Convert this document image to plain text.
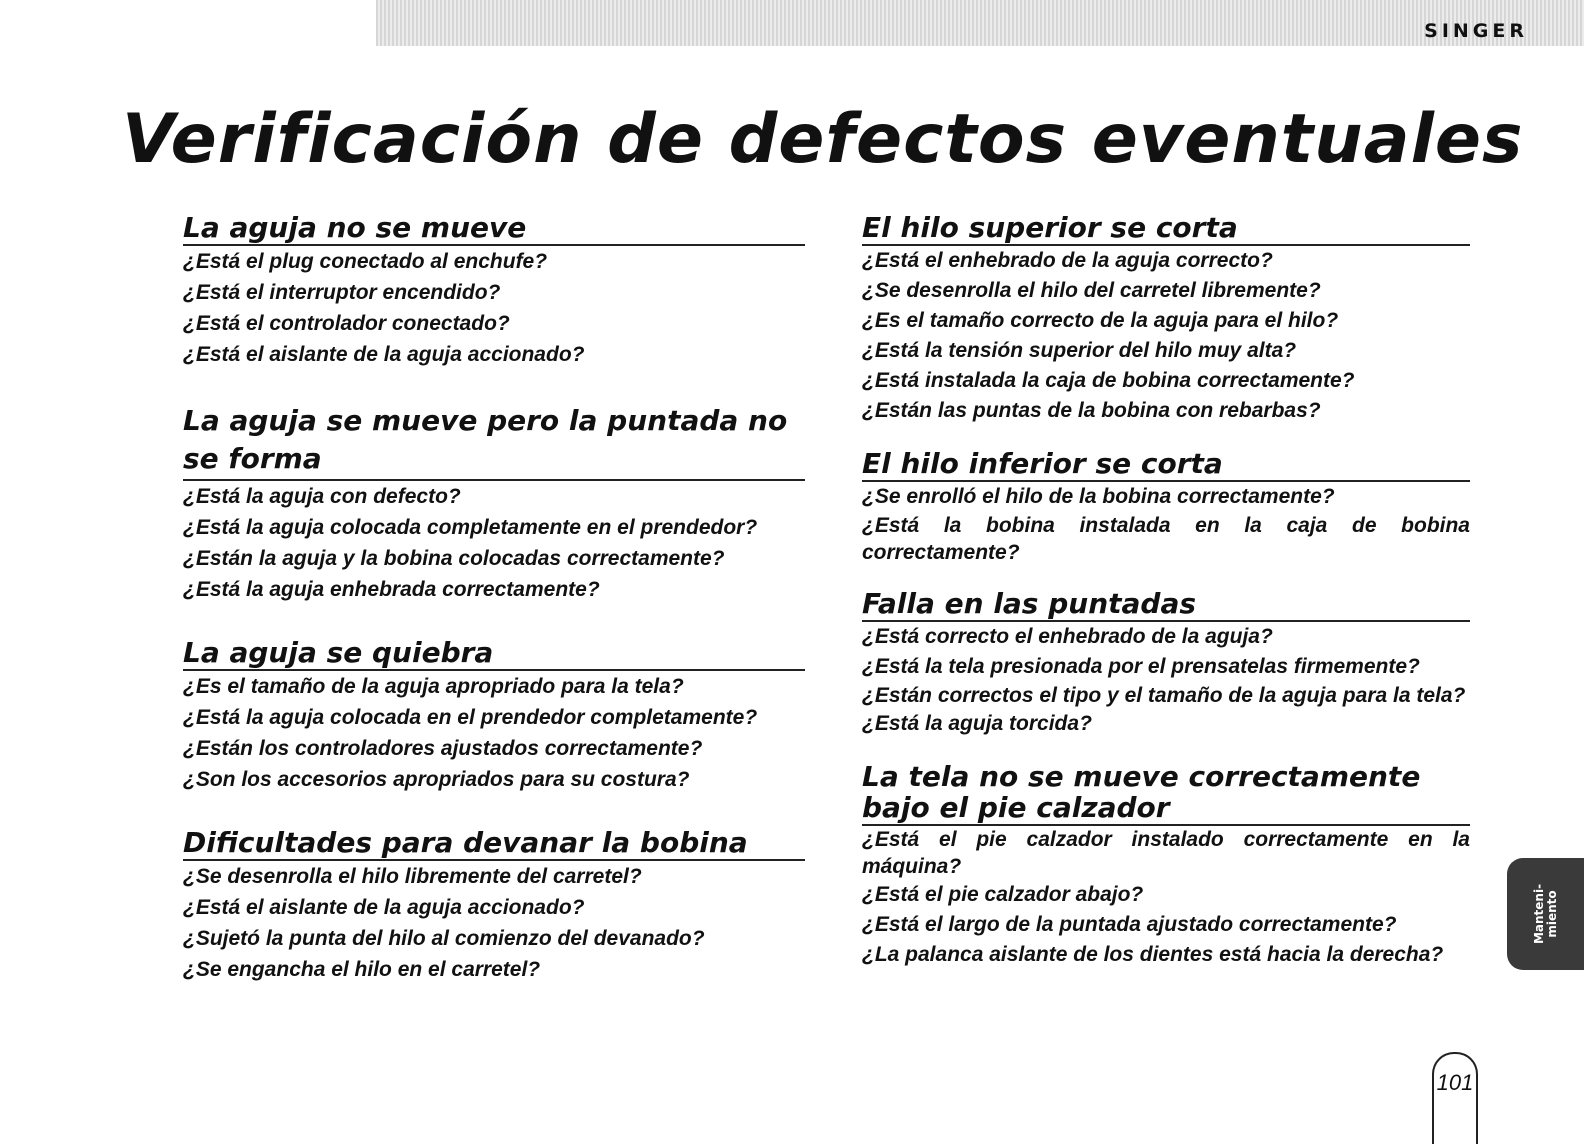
SINGER
Verificación de defectos eventuales
La aguja no se mueve
¿Está el plug conectado al enchufe?
¿Está el interruptor encendido?
¿Está el controlador conectado?
¿Está el aislante de la aguja accionado?
La aguja se mueve pero la puntada no se forma
¿Está la aguja con defecto?
¿Está la aguja colocada completamente en el prendedor?
¿Están la aguja y la bobina colocadas correctamente?
¿Está la aguja enhebrada correctamente?
La aguja se quiebra
¿Es el tamaño de la aguja apropriado para la tela?
¿Está la aguja colocada en el prendedor completamente?
¿Están los controladores ajustados correctamente?
¿Son los accesorios apropriados para su costura?
Dificultades para devanar la bobina
¿Se desenrolla el hilo libremente del carretel?
¿Está el aislante de la aguja accionado?
¿Sujetó la punta del hilo al comienzo del devanado?
¿Se engancha el hilo en el carretel?
El hilo superior se corta
¿Está el enhebrado de la aguja correcto?
¿Se desenrolla el hilo del carretel libremente?
¿Es el tamaño correcto de la aguja para el hilo?
¿Está la tensión superior del hilo muy alta?
¿Está instalada la caja de bobina correctamente?
¿Están las puntas de la bobina con rebarbas?
El hilo inferior se corta
¿Se enrolló el hilo de la bobina correctamente?
¿Está la bobina instalada en la caja de bobina correctamente?
Falla en las puntadas
¿Está correcto el enhebrado de la aguja?
¿Está la tela presionada por el prensatelas firmemente?
¿Están correctos el tipo y el tamaño de la aguja para la tela?
¿Está la aguja torcida?
La tela no se mueve correctamente bajo el pie calzador
¿Está el pie calzador instalado correctamente en la máquina?
¿Está el pie calzador abajo?
¿Está el largo de la puntada ajustado correctamente?
¿La palanca aislante de los dientes está hacia la derecha?
Manteni- miento
101
